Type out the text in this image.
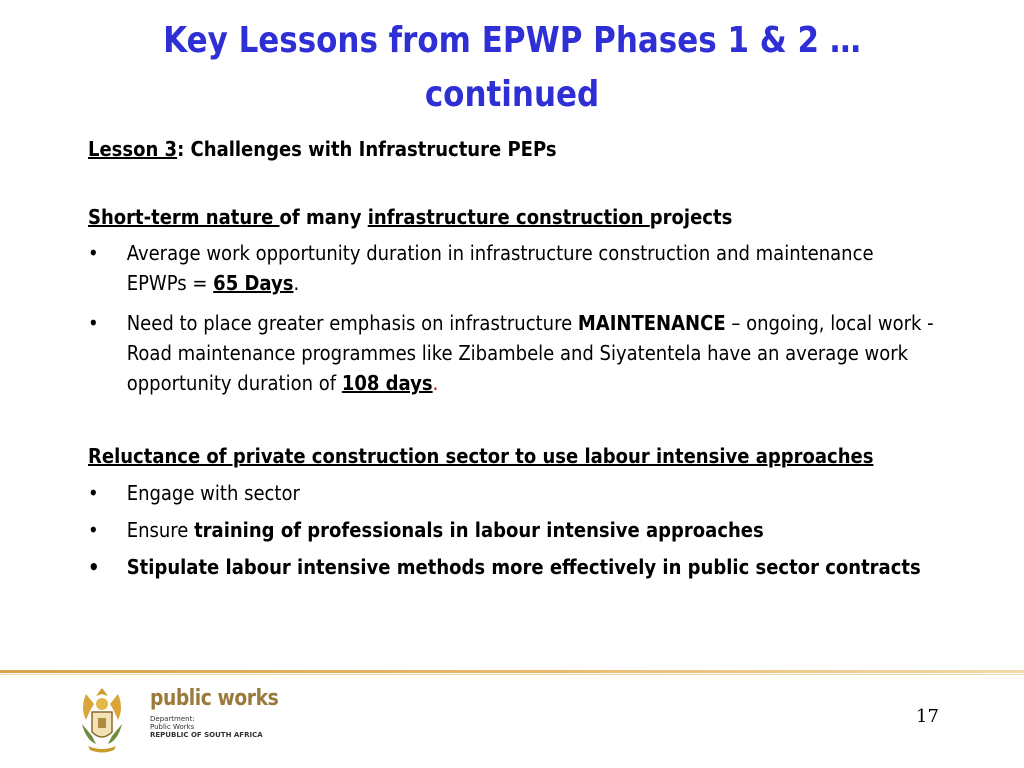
Key Lessons from EPWP Phases 1 & 2 …
continued
Lesson 3: Challenges with Infrastructure PEPs
Short-term nature of many infrastructure construction projects
• Average work opportunity duration in infrastructure construction and maintenance EPWPs = 65 Days.
• Need to place greater emphasis on infrastructure MAINTENANCE – ongoing, local work - Road maintenance programmes like Zibambele and Siyatentela have an average work opportunity duration of 108 days.
Reluctance of private construction sector to use labour intensive approaches
• Engage with sector
• Ensure training of professionals in labour intensive approaches
• Stipulate labour intensive methods more effectively in public sector contracts
public works
Department:
Public Works
REPUBLIC OF SOUTH AFRICA
17
